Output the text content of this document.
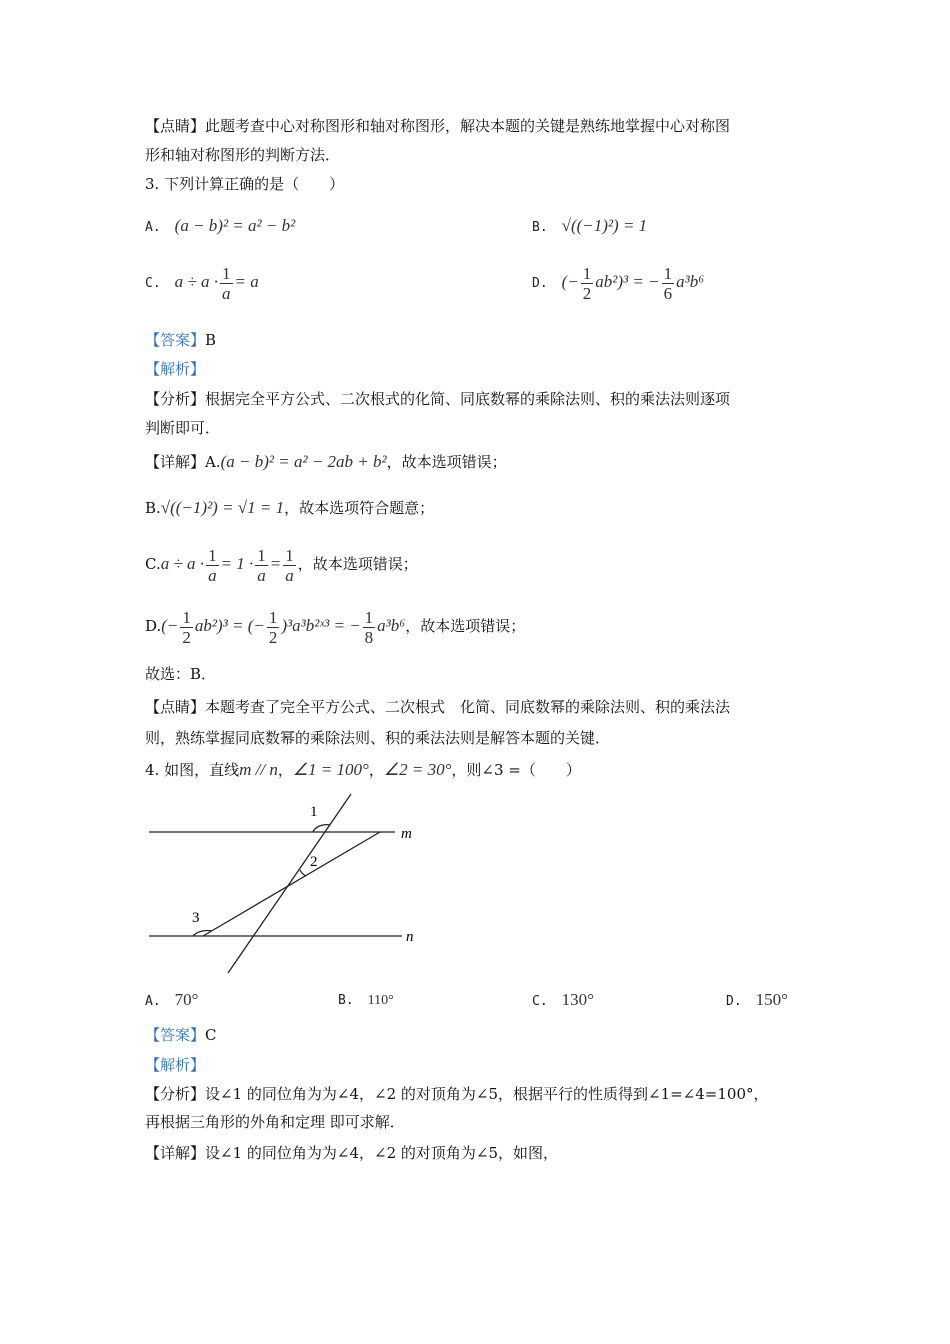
【点睛】此题考查中心对称图形和轴对称图形，解决本题的关键是熟练地掌握中心对称图
形和轴对称图形的判断方法．
3. 下列计算正确的是（　　）
A. (a − b)² = a² − b²	B. √((−1)²) = 1
C. $a \div a \cdot \frac{1}{a} = a$	D. (− $\frac{1}{2} ab^2)^3$ = − $\frac{1}{6} a^3b^6$
【答案】B
【解析】
【分析】根据完全平方公式、二次根式的化简、同底数幂的乘除法则、积的乘法法则逐项
判断即可．
【详解】A.(a − b)² = a² − 2ab + b²，故本选项错误；
B.√((−1)²) = √1 = 1，故本选项符合题意；
$C.a \div a \cdot \frac{1}{a} = 1 \cdot \frac{1}{a} = \frac{1}{a}$ ，故本选项错误；
$D.(- \frac{1}{2} ab^2)^3$ = (− $\frac{1}{2}$ )³a³b²ˣ³ = − $\frac{1}{8} a^3b^6$，故本选项错误；
故选：B．
【点睛】本题考查了完全平方公式、二次根式　化简、同底数幂的乘除法则、积的乘法法
则，熟练掌握同底数幂的乘除法则、积的乘法法则是解答本题的关键．
4. 如图，直线m // n，∠1 = 100°，∠2 = 30°，则∠3 =（　　）
1
2
3
m
n
A. 70°	B. 110°	C. 130°	D. 150°
【答案】C
【解析】
【分析】设∠1 的同位角为为∠4，∠2 的对顶角为∠5，根据平行的性质得到∠1=∠4=100°，
再根据三角形的外角和定理 即可求解．
【详解】设∠1 的同位角为为∠4，∠2 的对顶角为∠5，如图，
